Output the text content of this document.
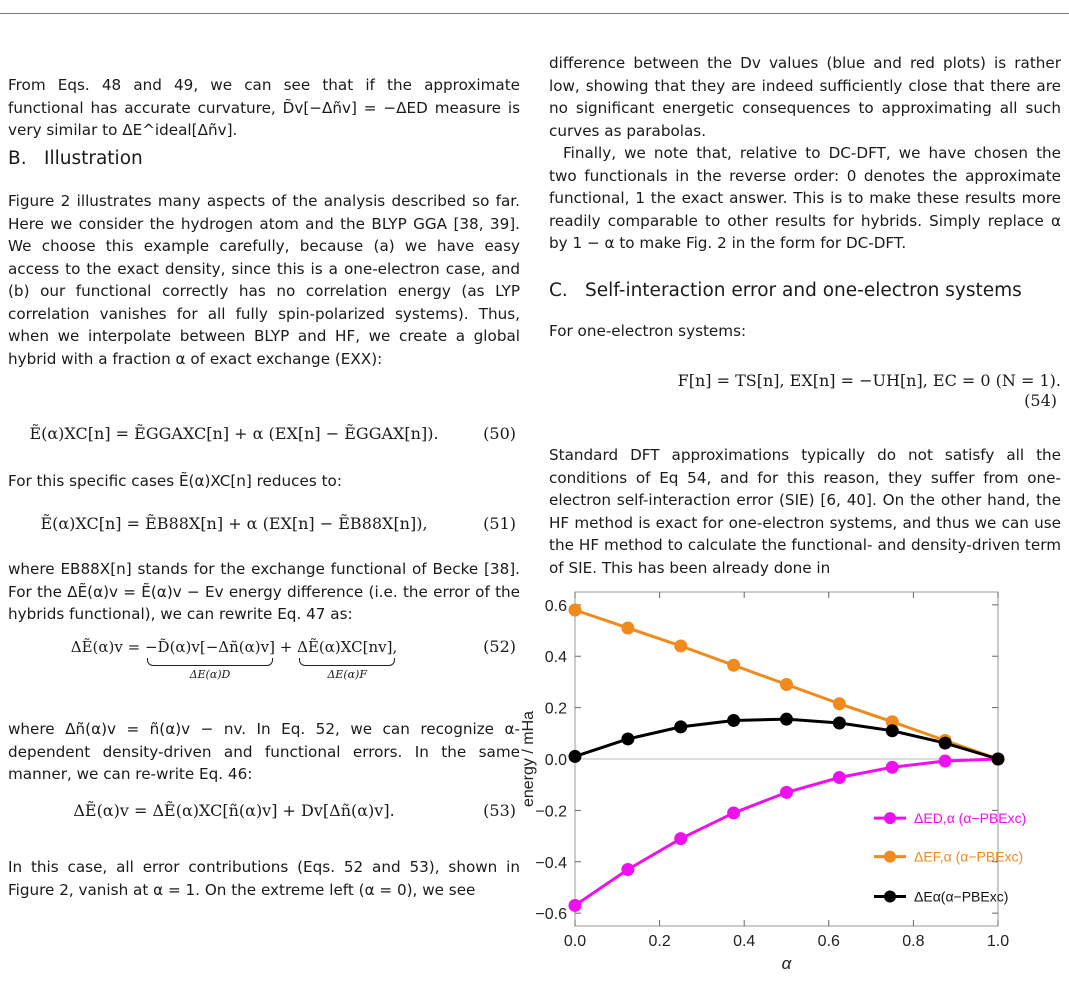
From Eqs. 48 and 49, we can see that if the approximate functional has accurate curvature, D̃v[−Δñv] = −ΔED measure is very similar to ΔE^ideal[Δñv].

B. Illustration

Figure 2 illustrates many aspects of the analysis described so far. Here we consider the hydrogen atom and the BLYP GGA [38, 39]. We choose this example carefully, because (a) we have easy access to the exact density, since this is a one-electron case, and (b) our functional correctly has no correlation energy (as LYP correlation vanishes for all fully spin-polarized systems). Thus, when we interpolate between BLYP and HF, we create a global hybrid with a fraction α of exact exchange (EXX):

Ẽ(α)XC[n] = ẼGGAXC[n] + α (EX[n] − ẼGGAX[n]).	(50)

For this specific cases Ẽ(α)XC[n] reduces to:

Ẽ(α)XC[n] = ẼB88X[n] + α (EX[n] − ẼB88X[n]),	(51)

where EB88X[n] stands for the exchange functional of Becke [38]. For the ΔẼ(α)v = Ẽ(α)v − Ev energy difference (i.e. the error of the hybrids functional), we can rewrite Eq. 47 as:

ΔẼ(α)v = −D̃(α)v[−Δñ(α)v]
ΔE(α)D
+ ΔẼ(α)XC[nv],
ΔE(α)F
(52)

where Δñ(α)v = ñ(α)v − nv. In Eq. 52, we can recognize α-dependent density-driven and functional errors. In the same manner, we can re-write Eq. 46:

ΔẼ(α)v = ΔẼ(α)XC[ñ(α)v] + Dv[Δñ(α)v].	(53)

In this case, all error contributions (Eqs. 52 and 53), shown in Figure 2, vanish at α = 1. On the extreme left (α = 0), we see

difference between the Dv values (blue and red plots) is rather low, showing that they are indeed sufficiently close that there are no significant energetic consequences to approximating all such curves as parabolas.

Finally, we note that, relative to DC-DFT, we have chosen the two functionals in the reverse order: 0 denotes the approximate functional, 1 the exact answer. This is to make these results more readily comparable to other results for hybrids. Simply replace α by 1 − α to make Fig. 2 in the form for DC-DFT.

C. Self-interaction error and one-electron systems

For one-electron systems:

F[n] = TS[n], EX[n] = −UH[n], EC = 0 (N = 1).
(54)

Standard DFT approximations typically do not satisfy all the conditions of Eq 54, and for this reason, they suffer from one-electron self-interaction error (SIE) [6, 40]. On the other hand, the HF method is exact for one-electron systems, and thus we can use the HF method to calculate the functional- and density-driven term of SIE. This has been already done in

0.0	0.2	0.4	0.6	0.8	1.0
−0.6
−0.4
−0.2
0.0
0.2
0.4
0.6
α
energy / mHa
ΔED,α (α−PBExc)
ΔEF,α (α−PBExc)
ΔEα(α−PBExc)
